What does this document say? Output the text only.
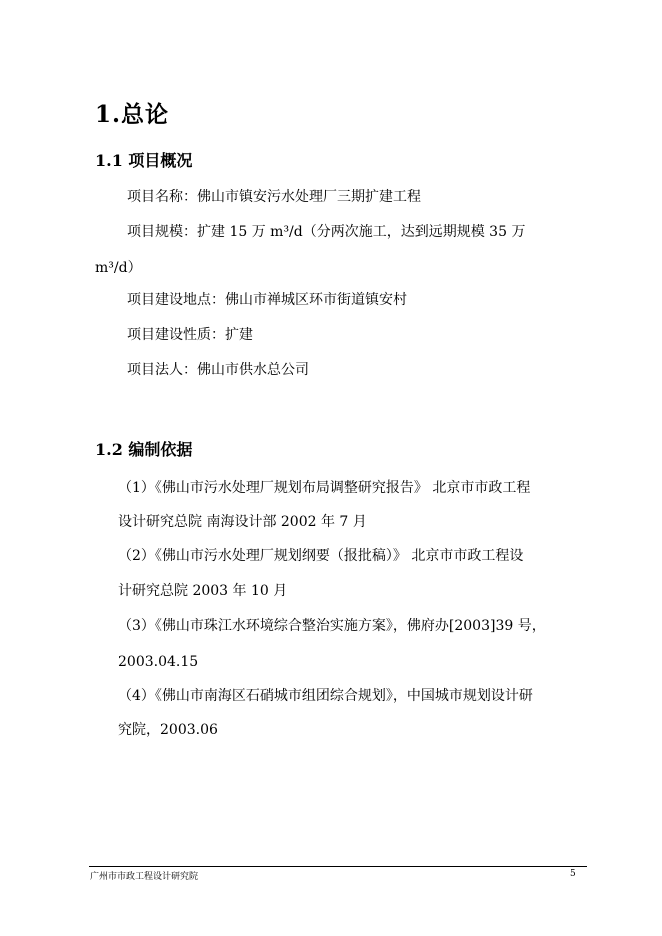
1.总论
1.1 项目概况
项目名称：佛山市镇安污水处理厂三期扩建工程
项目规模：扩建 15 万 m³/d（分两次施工，达到远期规模 35 万
m³/d）
项目建设地点：佛山市禅城区环市街道镇安村
项目建设性质：扩建
项目法人：佛山市供水总公司
1.2 编制依据
（1）《佛山市污水处理厂规划布局调整研究报告》 北京市市政工程
设计研究总院 南海设计部 2002 年 7 月
（2）《佛山市污水处理厂规划纲要（报批稿）》 北京市市政工程设
计研究总院 2003 年 10 月
（3）《佛山市珠江水环境综合整治实施方案》，佛府办[2003]39 号，
2003.04.15
（4）《佛山市南海区石硝城市组团综合规划》，中国城市规划设计研
究院，2003.06
广州市市政工程设计研究院	5
